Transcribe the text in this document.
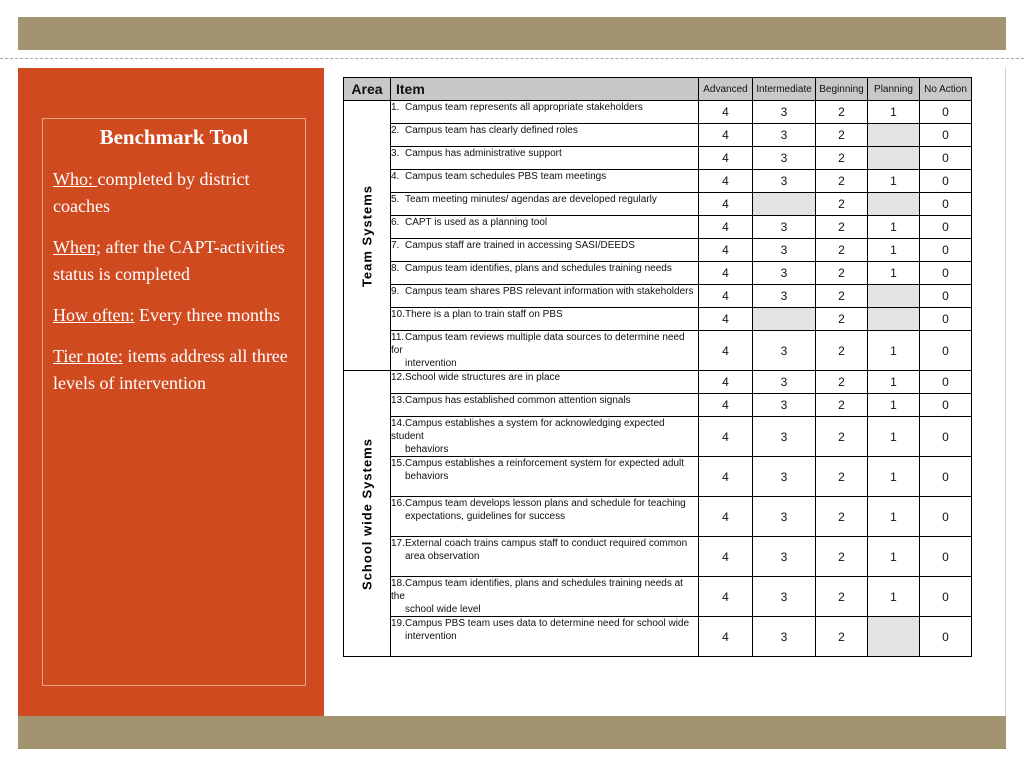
Benchmark Tool

Who: completed by district coaches

When; after the CAPT-activities status is completed

How often: Every three months

Tier note: items address all three levels of intervention

Area	Item	Advanced	Intermediate	Beginning	Planning	No Action

Team Systems	1. Campus team represents all appropriate stakeholders	4	3	2	1	0
	2. Campus team has clearly defined roles	4	3	2		0
	3. Campus has administrative support	4	3	2		0
	4. Campus team schedules PBS team meetings	4	3	2	1	0
	5. Team meeting minutes/ agendas are developed regularly	4		2		0
	6. CAPT is used as a planning tool	4	3	2	1	0
	7. Campus staff are trained in accessing SASI/DEEDS	4	3	2	1	0
	8. Campus team identifies, plans and schedules training needs	4	3	2	1	0
	9. Campus team shares PBS relevant information with stakeholders	4	3	2		0
	10.There is a plan to train staff on PBS	4		2		0
	11.Campus team reviews multiple data sources to determine need for
intervention	4	3	2	1	0

School wide Systems	12.School wide structures are in place	4	3	2	1	0
	13.Campus has established common attention signals	4	3	2	1	0
	14.Campus establishes a system for acknowledging expected student
behaviors	4	3	2	1	0
	15.Campus establishes a reinforcement system for expected adult
behaviors	4	3	2	1	0
	16.Campus team develops lesson plans and schedule for teaching
expectations, guidelines for success	4	3	2	1	0
	17.External coach trains campus staff to conduct required common
area observation	4	3	2	1	0
	18.Campus team identifies, plans and schedules training needs at the
school wide level	4	3	2	1	0
	19.Campus PBS team uses data to determine need for school wide
intervention	4	3	2		0
